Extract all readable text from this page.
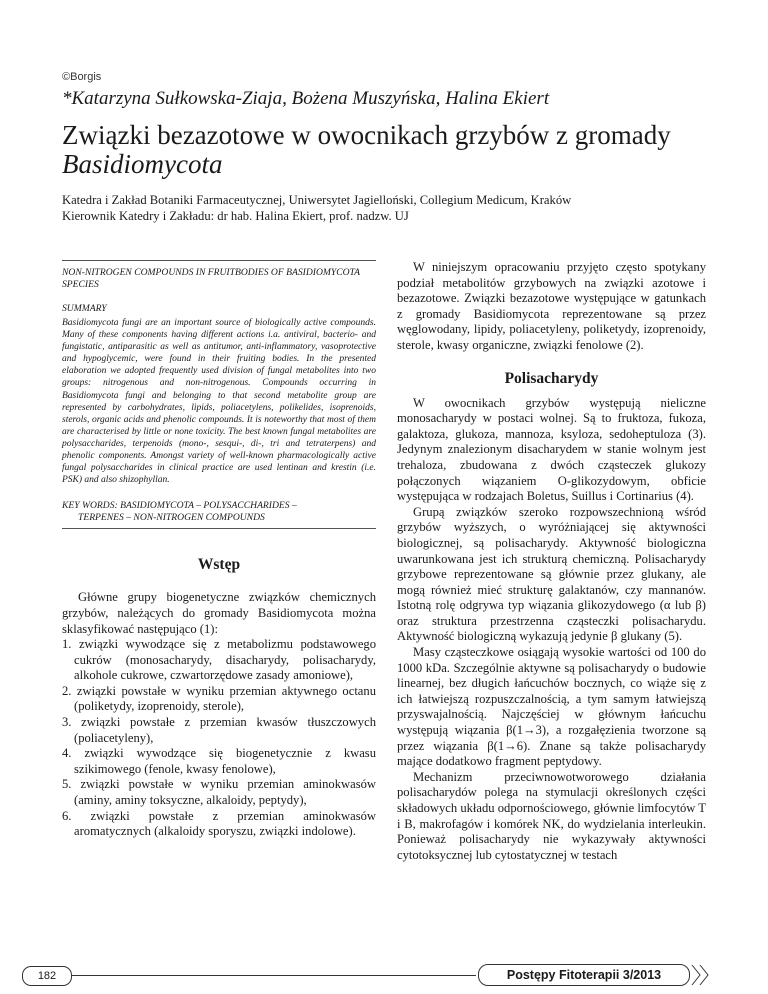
©Borgis
*Katarzyna Sułkowska-Ziaja, Bożena Muszyńska, Halina Ekiert
Związki bezazotowe w owocnikach grzybów z gromady
Basidiomycota
Katedra i Zakład Botaniki Farmaceutycznej, Uniwersytet Jagielloński, Collegium Medicum, Kraków
Kierownik Katedry i Zakładu: dr hab. Halina Ekiert, prof. nadzw. UJ
NON-NITROGEN COMPOUNDS IN FRUITBODIES OF BASIDIOMYCOTA SPECIES
SUMMARY
Basidiomycota fungi are an important source of biologically active compounds. Many of these components having different actions i.a. antiviral, bacterio- and fungistatic, antiparasitic as well as antitumor, anti-inflammatory, vasoprotective and hypoglycemic, were found in their fruiting bodies. In the presented elaboration we adopted frequently used division of fungal metabolites into two groups: nitrogenous and non-nitrogenous. Compounds occurring in Basidiomycota fungi and belonging to that second metabolite group are represented by carbohydrates, lipids, poliacetylens, polikelides, isoprenoids, sterols, organic acids and phenolic compounds. It is noteworthy that most of them are characterised by little or none toxicity. The best known fungal metabolites are polysaccharides, terpenoids (mono-, sesqui-, di-, tri and tetraterpens) and phenolic components. Amongst variety of well-known pharmacologically active fungal polysaccharides in clinical practice are used lentinan and krestin (i.e. PSK) and also shizophyllan.
KEY WORDS: BASIDIOMYCOTA – POLYSACCHARIDES –
TERPENES – NON-NITROGEN COMPOUNDS
Wstęp
Główne grupy biogenetyczne związków chemicznych grzybów, należących do gromady Basidiomycota można sklasyfikować następująco (1):
1. związki wywodzące się z metabolizmu podstawowego cukrów (monosacharydy, disacharydy, polisacharydy, alkohole cukrowe, czwartorzędowe zasady amoniowe),
2. związki powstałe w wyniku przemian aktywnego octanu (poliketydy, izoprenoidy, sterole),
3. związki powstałe z przemian kwasów tłuszczowych (poliacetyleny),
4. związki wywodzące się biogenetycznie z kwasu szikimowego (fenole, kwasy fenolowe),
5. związki powstałe w wyniku przemian aminokwasów (aminy, aminy toksyczne, alkaloidy, peptydy),
6. związki powstałe z przemian aminokwasów aromatycznych (alkaloidy sporyszu, związki indolowe).
W niniejszym opracowaniu przyjęto często spotykany podział metabolitów grzybowych na związki azotowe i bezazotowe. Związki bezazotowe występujące w gatunkach z gromady Basidiomycota reprezentowane są przez węglowodany, lipidy, poliacetyleny, poliketydy, izoprenoidy, sterole, kwasy organiczne, związki fenolowe (2).
Polisacharydy
W owocnikach grzybów występują nieliczne monosacharydy w postaci wolnej. Są to fruktoza, fukoza, galaktoza, glukoza, mannoza, ksyloza, sedoheptuloza (3). Jedynym znalezionym disacharydem w stanie wolnym jest trehaloza, zbudowana z dwóch cząsteczek glukozy połączonych wiązaniem O-glikozydowym, obficie występująca w rodzajach Boletus, Suillus i Cortinarius (4).
Grupą związków szeroko rozpowszechnioną wśród grzybów wyższych, o wyróżniającej się aktywności biologicznej, są polisacharydy. Aktywność biologiczna uwarunkowana jest ich strukturą chemiczną. Polisacharydy grzybowe reprezentowane są głównie przez glukany, ale mogą również mieć strukturę galaktanów, czy mannanów. Istotną rolę odgrywa typ wiązania glikozydowego (α lub β) oraz struktura przestrzenna cząsteczki polisacharydu. Aktywność biologiczną wykazują jedynie β glukany (5).
Masy cząsteczkowe osiągają wysokie wartości od 100 do 1000 kDa. Szczególnie aktywne są polisacharydy o budowie linearnej, bez długich łańcuchów bocznych, co wiąże się z ich łatwiejszą rozpuszczalnością, a tym samym łatwiejszą przyswajalnością. Najczęściej w głównym łańcuchu występują wiązania β(1→3), a rozgałęzienia tworzone są przez wiązania β(1→6). Znane są także polisacharydy mające dodatkowo fragment peptydowy.
Mechanizm przeciwnowotworowego działania polisacharydów polega na stymulacji określonych części składowych układu odpornościowego, głównie limfocytów T i B, makrofagów i komórek NK, do wydzielania interleukin. Ponieważ polisacharydy nie wykazywały aktywności cytotoksycznej lub cytostatycznej w testach
182	Postępy Fitoterapii 3/2013
